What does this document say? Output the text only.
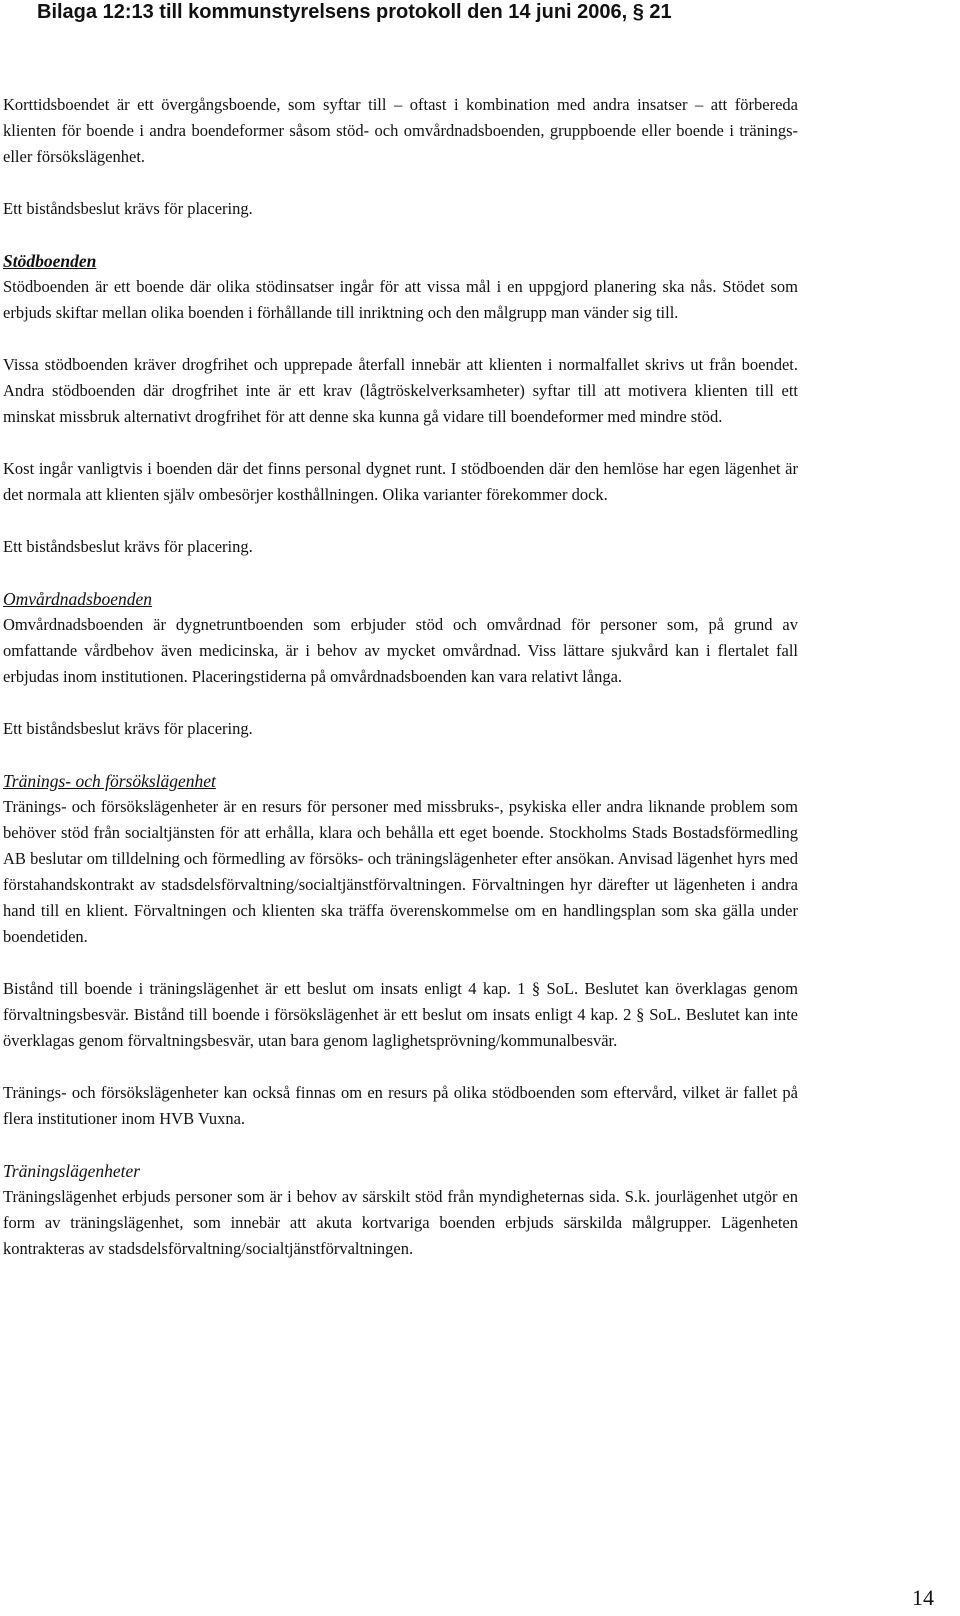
Bilaga 12:13 till kommunstyrelsens protokoll den 14 juni 2006, § 21

Korttidsboendet är ett övergångsboende, som syftar till – oftast i kombination med andra insatser – att förbereda klienten för boende i andra boendeformer såsom stöd- och omvårdnadsboenden, gruppboende eller boende i tränings- eller försökslägenhet.

Ett biståndsbeslut krävs för placering.

Stödboenden

Stödboenden är ett boende där olika stödinsatser ingår för att vissa mål i en uppgjord planering ska nås. Stödet som erbjuds skiftar mellan olika boenden i förhållande till inriktning och den målgrupp man vänder sig till.

Vissa stödboenden kräver drogfrihet och upprepade återfall innebär att klienten i normalfallet skrivs ut från boendet. Andra stödboenden där drogfrihet inte är ett krav (lågtröskelverksamheter) syftar till att motivera klienten till ett minskat missbruk alternativt drogfrihet för att denne ska kunna gå vidare till boendeformer med mindre stöd.

Kost ingår vanligtvis i boenden där det finns personal dygnet runt. I stödboenden där den hemlöse har egen lägenhet är det normala att klienten själv ombesörjer kosthållningen. Olika varianter förekommer dock.

Ett biståndsbeslut krävs för placering.

Omvårdnadsboenden

Omvårdnadsboenden är dygnetruntboenden som erbjuder stöd och omvårdnad för personer som, på grund av omfattande vårdbehov även medicinska, är i behov av mycket omvårdnad. Viss lättare sjukvård kan i flertalet fall erbjudas inom institutionen. Placeringstiderna på omvårdnadsboenden kan vara relativt långa.

Ett biståndsbeslut krävs för placering.

Tränings- och försökslägenhet

Tränings- och försökslägenheter är en resurs för personer med missbruks-, psykiska eller andra liknande problem som behöver stöd från socialtjänsten för att erhålla, klara och behålla ett eget boende. Stockholms Stads Bostadsförmedling AB beslutar om tilldelning och förmedling av försöks- och träningslägenheter efter ansökan. Anvisad lägenhet hyrs med förstahandskontrakt av stadsdelsförvaltning/socialtjänstförvaltningen. Förvaltningen hyr därefter ut lägenheten i andra hand till en klient. Förvaltningen och klienten ska träffa överenskommelse om en handlingsplan som ska gälla under boendetiden.

Bistånd till boende i träningslägenhet är ett beslut om insats enligt 4 kap. 1 § SoL. Beslutet kan överklagas genom förvaltningsbesvär. Bistånd till boende i försökslägenhet är ett beslut om insats enligt 4 kap. 2 § SoL. Beslutet kan inte överklagas genom förvaltningsbesvär, utan bara genom laglighetsprövning/kommunalbesvär.

Tränings- och försökslägenheter kan också finnas om en resurs på olika stödboenden som eftervård, vilket är fallet på flera institutioner inom HVB Vuxna.

Träningslägenheter

Träningslägenhet erbjuds personer som är i behov av särskilt stöd från myndigheternas sida. S.k. jourlägenhet utgör en form av träningslägenhet, som innebär att akuta kortvariga boenden erbjuds särskilda målgrupper. Lägenheten kontrakteras av stadsdelsförvaltning/socialtjänstförvaltningen.

14
